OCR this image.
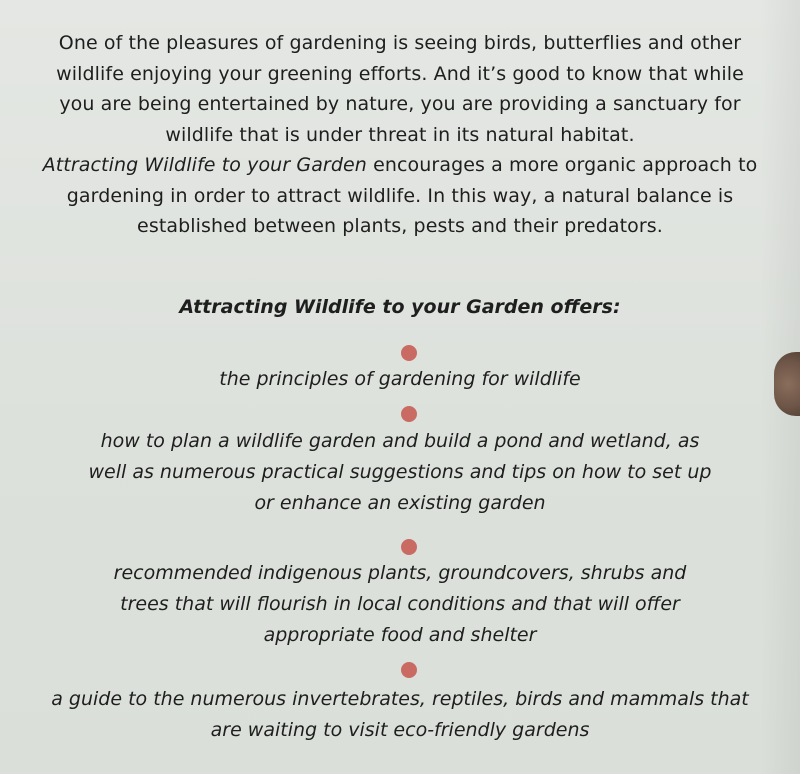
One of the pleasures of gardening is seeing birds, butterflies and other wildlife enjoying your greening efforts. And it’s good to know that while you are being entertained by nature, you are providing a sanctuary for wildlife that is under threat in its natural habitat.
Attracting Wildlife to your Garden encourages a more organic approach to gardening in order to attract wildlife. In this way, a natural balance is established between plants, pests and their predators.

Attracting Wildlife to your Garden offers:

the principles of gardening for wildlife

how to plan a wildlife garden and build a pond and wetland, as well as numerous practical suggestions and tips on how to set up or enhance an existing garden

recommended indigenous plants, groundcovers, shrubs and trees that will flourish in local conditions and that will offer appropriate food and shelter

a guide to the numerous invertebrates, reptiles, birds and mammals that are waiting to visit eco-friendly gardens
